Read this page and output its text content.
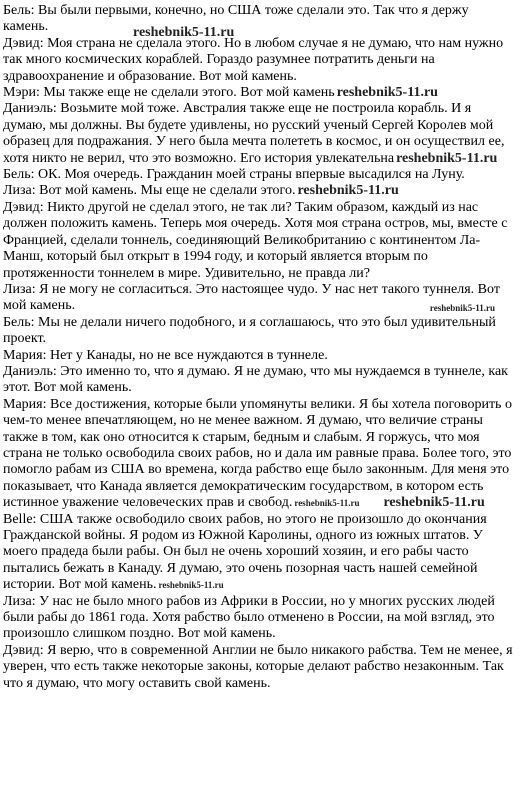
Бель: Вы были первыми, конечно, но США тоже сделали это. Так что я держу камень.	reshebnik5-11.ru
Дэвид: Моя страна не сделала этого. Но в любом случае я не думаю, что нам нужно так много космических кораблей. Гораздо разумнее потратить деньги на здравоохранение и образование. Вот мой камень.
Мэри: Мы также еще не сделали этого. Вот мой камень reshebnik5-11.ru
Даниэль: Возьмите мой тоже. Австралия также еще не построила корабль. И я думаю, мы должны. Вы будете удивлены, но русский ученый Сергей Королев мой образец для подражания. У него была мечта полететь в космос, и он осуществил ее, хотя никто не верил, что это возможно. Его история увлекательна reshebnik5-11.ru
Бель: ОК. Моя очередь. Гражданин моей страны впервые высадился на Луну.
Лиза: Вот мой камень. Мы еще не сделали этого. reshebnik5-11.ru
Дэвид: Никто другой не сделал этого, не так ли? Таким образом, каждый из нас должен положить камень. Теперь моя очередь. Хотя моя страна остров, мы, вместе с Францией, сделали тоннель, соединяющий Великобританию с континентом Ла-Манш, который был открыт в 1994 году, и который является вторым по протяженности тоннелем в мире. Удивительно, не правда ли?
Лиза: Я не могу не согласиться. Это настоящее чудо. У нас нет такого туннеля. Вот мой камень.	reshebnik5-11.ru
Бель: Мы не делали ничего подобного, и я соглашаюсь, что это был удивительный проект.
Мария: Нет у Канады, но не все нуждаются в туннеле.
Даниэль: Это именно то, что я думаю. Я не думаю, что мы нуждаемся в туннеле, как этот. Вот мой камень.
Мария: Все достижения, которые были упомянуты велики. Я бы хотела поговорить о чем-то менее впечатляющем, но не менее важном. Я думаю, что величие страны также в том, как оно относится к старым, бедным и слабым. Я горжусь, что моя страна не только освободила своих рабов, но и дала им равные права. Более того, это помогло рабам из США во времена, когда рабство еще было законным. Для меня это показывает, что Канада является демократическим государством, в котором есть истинное уважение человеческих прав и свобод. reshebnik5-11.ru reshebnik5-11.ru
Belle: США также освободило своих рабов, но этого не произошло до окончания Гражданской войны. Я родом из Южной Каролины, одного из южных штатов. У моего прадеда были рабы. Он был не очень хороший хозяин, и его рабы часто пытались бежать в Канаду. Я думаю, это очень позорная часть нашей семейной истории. Вот мой камень. reshebnik5-11.ru
Лиза: У нас не было много рабов из Африки в России, но у многих русских людей были рабы до 1861 года. Хотя рабство было отменено в России, на мой взгляд, это произошло слишком поздно. Вот мой камень.
Дэвид: Я верю, что в современной Англии не было никакого рабства. Тем не менее, я уверен, что есть также некоторые законы, которые делают рабство незаконным. Так что я думаю, что могу оставить свой камень.
